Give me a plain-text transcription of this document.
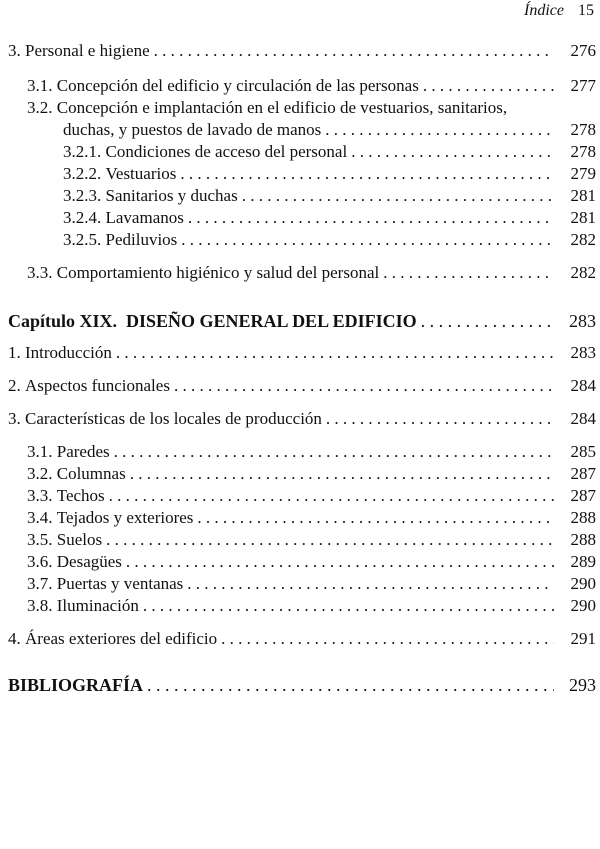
Índice 15
3. Personal e higiene . . .	276
3.1. Concepción del edificio y circulación de las personas . . .	277
3.2. Concepción e implantación en el edificio de vestuarios, sanitarios,
duchas, y puestos de lavado de manos . . .	278
3.2.1. Condiciones de acceso del personal . . .	278
3.2.2. Vestuarios . . .	279
3.2.3. Sanitarios y duchas . . .	281
3.2.4. Lavamanos . . .	281
3.2.5. Pediluvios . . .	282
3.3. Comportamiento higiénico y salud del personal . . .	282
Capítulo XIX.  DISEÑO GENERAL DEL EDIFICIO . . .	283
1. Introducción . . .	283
2. Aspectos funcionales . . .	284
3. Características de los locales de producción . . .	284
3.1. Paredes . . .	285
3.2. Columnas . . .	287
3.3. Techos . . .	287
3.4. Tejados y exteriores . . .	288
3.5. Suelos . . .	288
3.6. Desagües . . .	289
3.7. Puertas y ventanas . . .	290
3.8. Iluminación . . .	290
4. Áreas exteriores del edificio . . .	291
BIBLIOGRAFÍA . . .	293
